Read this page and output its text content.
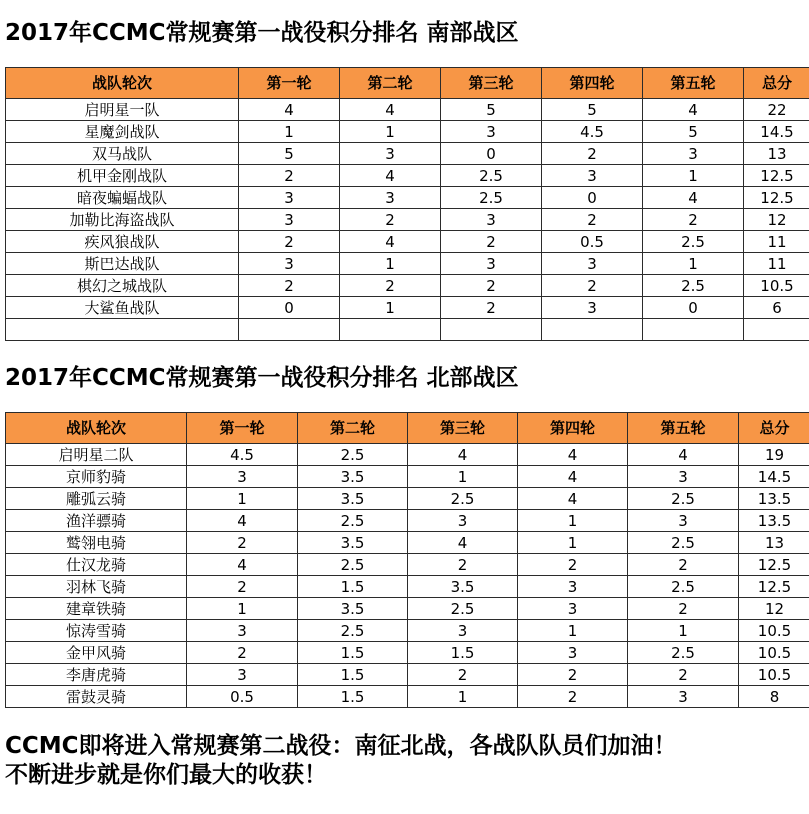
2017年CCMC常规赛第一战役积分排名 南部战区
战队轮次	第一轮	第二轮	第三轮	第四轮	第五轮	总分
启明星一队	4	4	5	5	4	22
星魔剑战队	1	1	3	4.5	5	14.5
双马战队	5	3	0	2	3	13
机甲金刚战队	2	4	2.5	3	1	12.5
暗夜蝙蝠战队	3	3	2.5	0	4	12.5
加勒比海盗战队	3	2	3	2	2	12
疾风狼战队	2	4	2	0.5	2.5	11
斯巴达战队	3	1	3	3	1	11
棋幻之城战队	2	2	2	2	2.5	10.5
大鲨鱼战队	0	1	2	3	0	6

2017年CCMC常规赛第一战役积分排名 北部战区
战队轮次	第一轮	第二轮	第三轮	第四轮	第五轮	总分
启明星二队	4.5	2.5	4	4	4	19
京师豹骑	3	3.5	1	4	3	14.5
雕弧云骑	1	3.5	2.5	4	2.5	13.5
渔洋骠骑	4	2.5	3	1	3	13.5
鹫翎电骑	2	3.5	4	1	2.5	13
仕汉龙骑	4	2.5	2	2	2	12.5
羽林飞骑	2	1.5	3.5	3	2.5	12.5
建章铁骑	1	3.5	2.5	3	2	12
惊涛雪骑	3	2.5	3	1	1	10.5
金甲风骑	2	1.5	1.5	3	2.5	10.5
李唐虎骑	3	1.5	2	2	2	10.5
雷鼓灵骑	0.5	1.5	1	2	3	8

CCMC即将进入常规赛第二战役：南征北战，各战队队员们加油！

不断进步就是你们最大的收获！
